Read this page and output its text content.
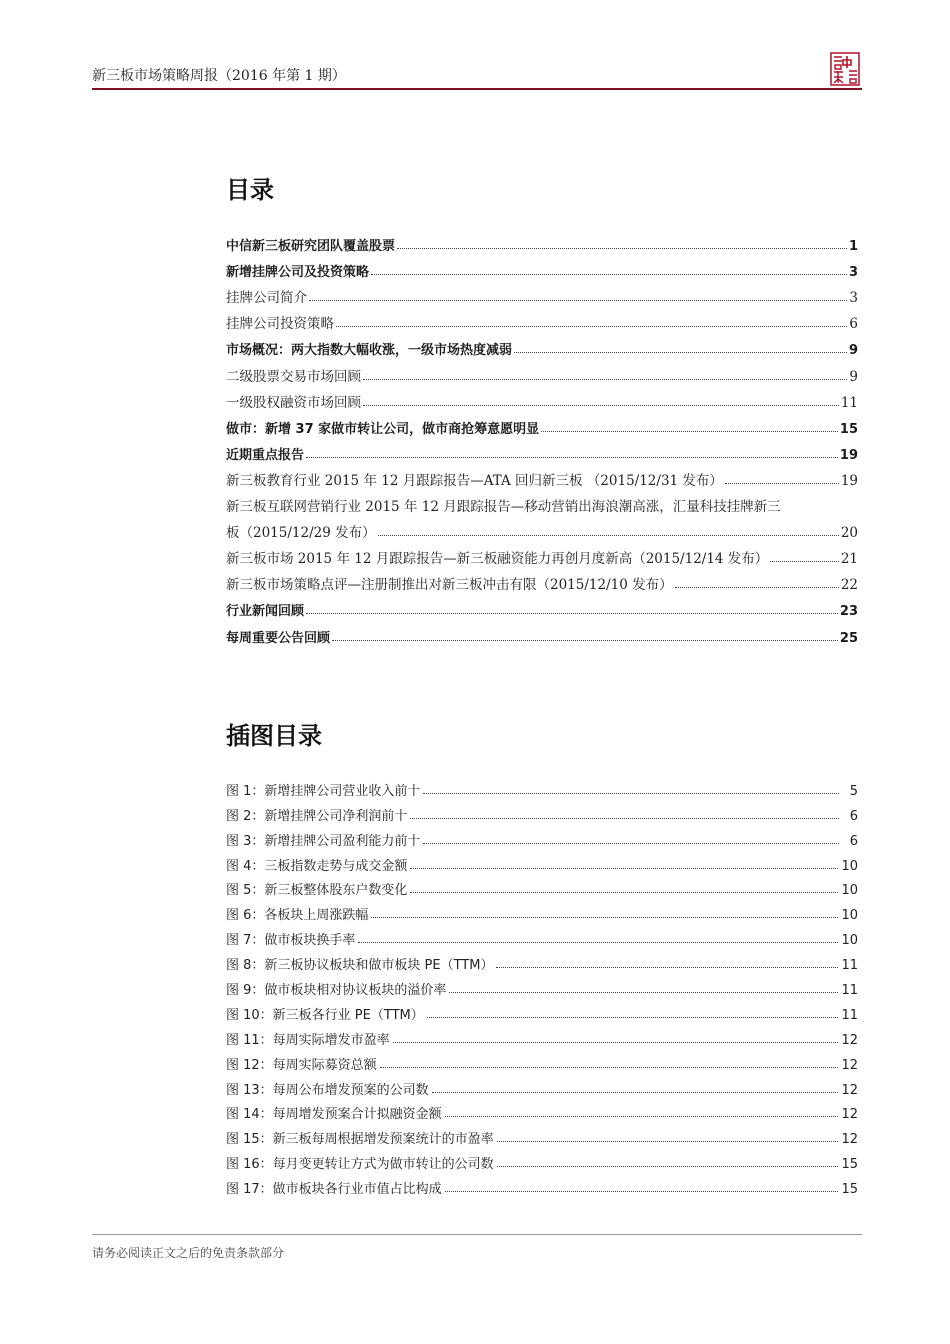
新三板市场策略周报（2016 年第 1 期）
目录
中信新三板研究团队覆盖股票	1
新增挂牌公司及投资策略	3
挂牌公司简介	3
挂牌公司投资策略	6
市场概况：两大指数大幅收涨，一级市场热度减弱	9
二级股票交易市场回顾	9
一级股权融资市场回顾	11
做市：新增 37 家做市转让公司，做市商抢筹意愿明显	15
近期重点报告	19
新三板教育行业 2015 年 12 月跟踪报告—ATA 回归新三板 （2015/12/31 发布）	19
新三板互联网营销行业 2015 年 12 月跟踪报告—移动营销出海浪潮高涨，汇量科技挂牌新三
板（2015/12/29 发布）	20
新三板市场 2015 年 12 月跟踪报告—新三板融资能力再创月度新高（2015/12/14 发布）	21
新三板市场策略点评—注册制推出对新三板冲击有限（2015/12/10 发布）	22
行业新闻回顾	23
每周重要公告回顾	25
插图目录
图 1：新增挂牌公司营业收入前十	5
图 2：新增挂牌公司净利润前十	6
图 3：新增挂牌公司盈利能力前十	6
图 4：三板指数走势与成交金额	10
图 5：新三板整体股东户数变化	10
图 6：各板块上周涨跌幅	10
图 7：做市板块换手率	10
图 8：新三板协议板块和做市板块 PE（TTM）	11
图 9：做市板块相对协议板块的溢价率	11
图 10：新三板各行业 PE（TTM）	11
图 11：每周实际增发市盈率	12
图 12：每周实际募资总额	12
图 13：每周公布增发预案的公司数	12
图 14：每周增发预案合计拟融资金额	12
图 15：新三板每周根据增发预案统计的市盈率	12
图 16：每月变更转让方式为做市转让的公司数	15
图 17：做市板块各行业市值占比构成	15
请务必阅读正文之后的免责条款部分
